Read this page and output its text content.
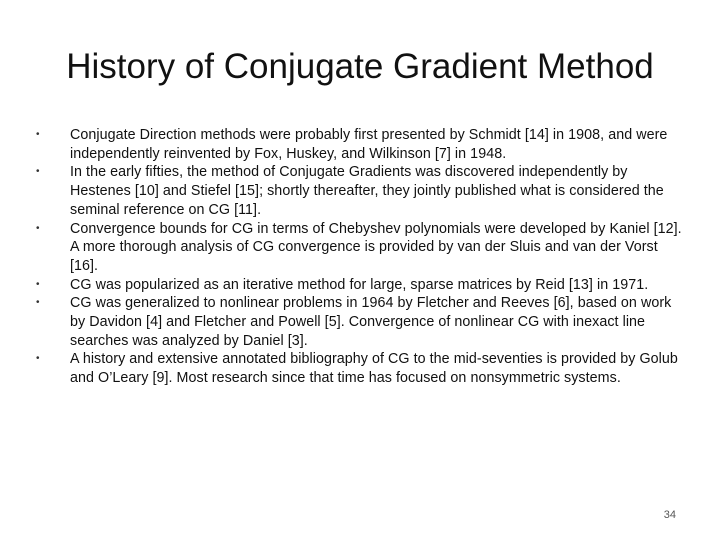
History of Conjugate Gradient Method
•	Conjugate Direction methods were probably first presented by Schmidt [14] in 1908, and were independently reinvented by Fox, Huskey, and Wilkinson [7] in 1948.
•	In the early fifties, the method of Conjugate Gradients was discovered independently by Hestenes [10] and Stiefel [15]; shortly thereafter, they jointly published what is considered the seminal reference on CG [11].
•	Convergence bounds for CG in terms of Chebyshev polynomials were developed by Kaniel [12]. A more thorough analysis of CG convergence is provided by van der Sluis and van der Vorst [16].
•	CG was popularized as an iterative method for large, sparse matrices by Reid [13] in 1971.
•	CG was generalized to nonlinear problems in 1964 by Fletcher and Reeves [6], based on work by Davidon [4] and Fletcher and Powell [5]. Convergence of nonlinear CG with inexact line searches was analyzed by Daniel [3].
•	A history and extensive annotated bibliography of CG to the mid-seventies is provided by Golub and O’Leary [9]. Most research since that time has focused on nonsymmetric systems.
34
